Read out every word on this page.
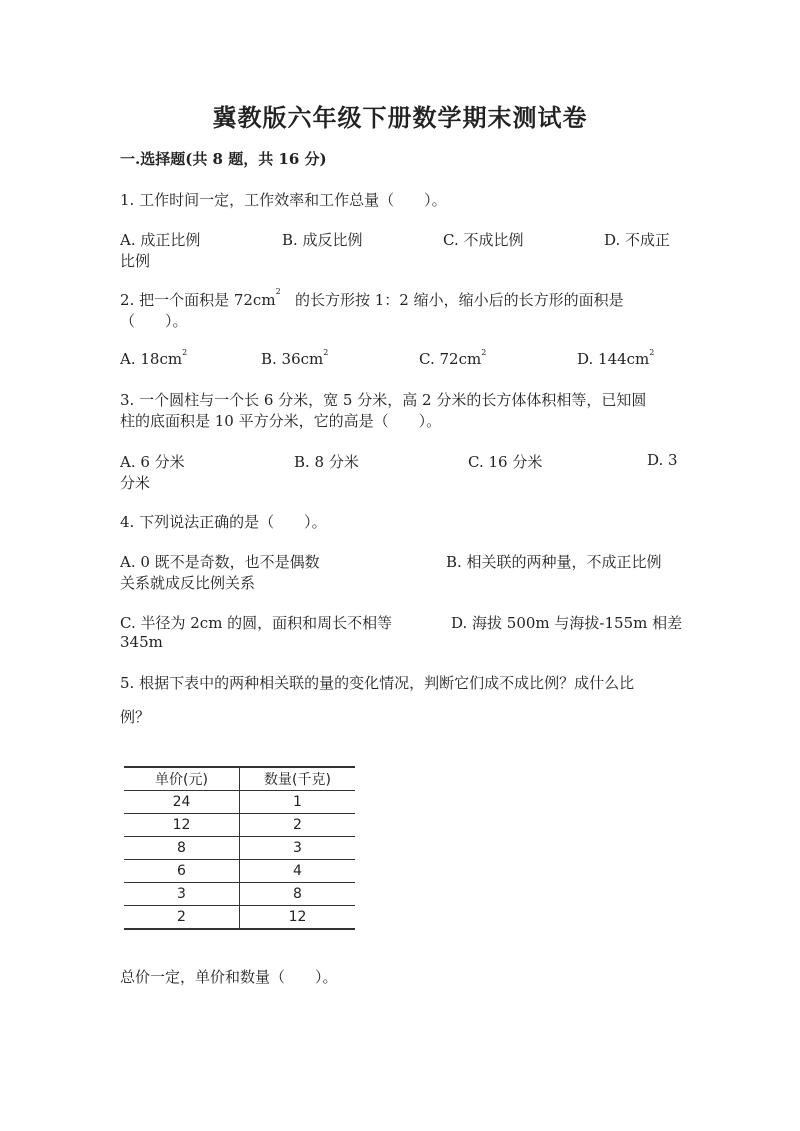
冀教版六年级下册数学期末测试卷
一.选择题(共 8 题，共 16 分)
1. 工作时间一定，工作效率和工作总量（　　）。
A. 成正比例	B. 成反比例	C. 不成比例	D. 不成正
比例
2. 把一个面积是 $72cm^2$ 的长方形按 1：2 缩小，缩小后的长方形的面积是
（　　）。
A. $18cm^2$	B. $36cm^2$	C. $72cm^2$	D. $144cm^2$
3. 一个圆柱与一个长 6 分米，宽 5 分米，高 2 分米的长方体体积相等，已知圆
柱的底面积是 10 平方分米，它的高是（　　）。
A. 6 分米	B. 8 分米	C. 16 分米	D. 3
分米
4. 下列说法正确的是（　　）。
A. 0 既不是奇数，也不是偶数	B. 相关联的两种量，不成正比例
关系就成反比例关系
C. 半径为 2cm 的圆，面积和周长不相等	D. 海拔 500m 与海拔-155m 相差
345m
5. 根据下表中的两种相关联的量的变化情况，判断它们成不成比例？成什么比
例？
单价(元)	数量(千克)
24	1
12	2
8	3
6	4
3	8
2	12
总价一定，单价和数量（　　）。
